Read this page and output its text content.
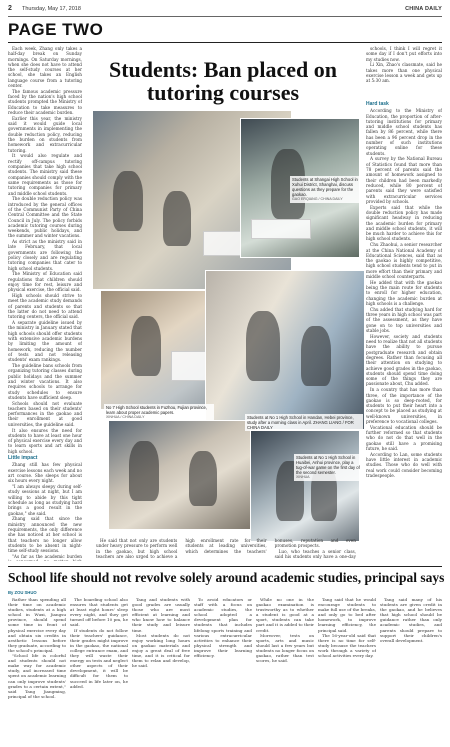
2 Thursday, May 17, 2018	CHINA DAILY
PAGE TWO

Each week, Zhang only takes a half-day break on Sunday mornings. On Saturday mornings, when she does not have to attend the self-study courses at her school, she takes an English language course from a tutoring center.

The famous academic pressure faced by the nation's high school students prompted the Ministry of Education to take measures to reduce their academic burden.

Earlier this year, the ministry said it would guide local governments in implementing the double reduction policy, reducing the burden on students from homework and extracurricular tutoring.

It would also regulate and rectify off-campus tutoring companies that take high school students. The ministry said these companies should comply with the same requirements as those for tutoring companies for primary and middle school students.

The double reduction policy was introduced by the general offices of the Communist Party of China Central Committee and the State Council in July. The policy forbids academic tutoring courses during weekends, public holidays, and the summer and winter vacations.

As strict as the ministry said in late February, that local governments are following the policy closely and are regulating tutoring companies that cater to high school students.

The Ministry of Education said regulations that children should enjoy time for rest, leisure and physical exercise, the official said.

High schools should strive to meet the academic study demands of parents and students so that the latter do not need to attend tutoring centers, the official said.

A separate guideline issued by the ministry in January stated that high schools should offer students with extensive academic burdens by limiting the amount of homework, reducing the number of tests and not releasing students' exam rankings.

The guideline bans schools from organizing tutoring classes during public holidays and the summer and winter vacations. It also requires schools to arrange for study schedules to ensure students have sufficient sleep.

Schools should not evaluate teachers based on their students' performances in the gaokao and their enrollment at good universities, the guideline said.

It also ensures the need for students to have at least one hour of physical exercise every day and to learn sports and art skills in high school.

Little impact

Zhang still has few physical exercise lessons each week and no art course. She sleeps for about six hours every night.

"I am always sleepy during self-study sessions at night, but I am willing to abide by this tight schedule as long as studying hard brings a good result in the gaokao," she said.

Zhang said that since the ministry announced the new requirements, the only difference she has noticed at her school is that teachers no longer allow students to be absent in night-time self-study sessions.

"As far as the academic burden

Students: Ban placed on tutoring courses
Students at Shangai High School in Xuhui District, Shanghai, discuss questions as they prepare for the gaokao.
GAO ERQIANG / CHINA DAILY
No 7 High School students in Fuzhou, Fujian province, learn about proper academic papers.
XINHUA / CHINA DAILY	Students at No 1 High School in Handan, Hebei province, study after a morning class in April. ZHANG LIANG / FOR CHINA DAILY
Students at No 1 High School in Huaibei, Anhui province, play a tug-of-war game on the first day of the second semester.
XINHUA

schools, I think I will regret it some day if I don't put efforts into my studies now.

Li Xin, Zhao's classmate, said he takes more than one physical exercise lesson a week and gets up at 5:30 am.

Hard task

According to the Ministry of Education, the proportion of after-tutoring institutions for primary and middle school students has fallen by 86 percent, while there has been a 96 percent drop in the number of such institutions operating online for these students.

A survey by the National Bureau of Statistics found that more than 78 percent of parents said the amount of homework assigned to their children had been markedly reduced, while 80 percent of parents said they were satisfied with extracurricular services provided by schools.

Experts said that while the double reduction policy has made significant headway in reducing the academic burden for primary and middle school students, it will be much harder to achieve this for high school students.

Chu Zhaohui, a senior researcher at the China National Academy of Educational Sciences, said that as the gaokao is highly competitive, high school students tend to put in more effort than their primary and middle school counterparts.

He added that with the gaokao being the main route for students to enroll for higher education, changing the academic burden at high schools is a challenge.

Chu added that studying hard for three years in high school was part of the assessment, as they have gone on to top universities and stable jobs.

However, society and students need to realize that not all students have the ability to pursue postgraduate research and obtain degrees. Rather than focusing all their attention on studying to achieve good grades in the gaokao, students should spend time doing some of the things they are passionate about, Chu added.

In a country that has more than three, of the importance of the gaokao is so deep-rooted, for students to put their heart into a concept to be placed as studying at well-known universities, in preference to vocational colleges.

Vocational education should be further reformed so that students who do not do that well in the gaokao still have a promising future, he said.

According to Lan, some students have little interest in academic studies. Those who do well with real work could consider becoming tradespeople.

He said that not only are students under heavy pressure to perform well in the gaokao, but high school teachers are also urged to achieve a high enrollment rate for their students at leading universities, which determines the teachers' bonuses, reputation and even promotion prospects.

Luo, who teaches a senior class, said his students only have a one-day

School life should not revolve solely around academic studies, principal says
By ZOU SHUO

Rather than spending all their time on academic studies, students at a high school in Wuxi, Jiangsu province, should spend some time in front of physical exercise every day and obtain six credits in aesthetic lessons before they graduate, according to the school's principal.

"School life is colorful and students should not make way for academic study, and increased time spent on academic learning can only improve students' grades to a certain extent," said Tang Jiangming, principal of the school.

The boarding school also ensures that students get at least eight hours' sleep every night, and they get turned off before 10 pm, he said.

If students do not follow their teachers' guidance, their grades might improve in the gaokao, the national college entrance exam, and they will waste their energy on tests and neglect other aspects of their development, it will be difficult for them to succeed in life later on, he added.

Tang and students with good grades are usually those who are most efficient at learning and who know how to balance their study and leisure time.

Most students do not enjoy working long hours on gaokao materials and enjoy a great deal of free time, and it is critical for them to relax and develop, he said.

To avoid educators or staff with a focus on academic studies, the school adopted a development plan for students that includes lifelong sports training and various extracurricular activities to enhance their physical strength and improve their learning efficiency.

While no one in the gaokao examination is trustworthy as to whether a student is good at a sport, students can take part and it is added to their credit.

Moreover, tests on sports, arts and music should last a few years but students no longer focus on gaokao, rather than test scores, he said.

Tang said that he would encourage students to make full use of the breaks, and only go to bed after homework, to improve learning efficiency, the principal said.

The 16-year-old said that there is no time for self-study because the teachers work through a variety of school activities every day.

Tang said many of his students are given credit in the gaokao, and he believes that high school should be guidance rather than only academic studies, and parents should prepare to support their children's overall development.
